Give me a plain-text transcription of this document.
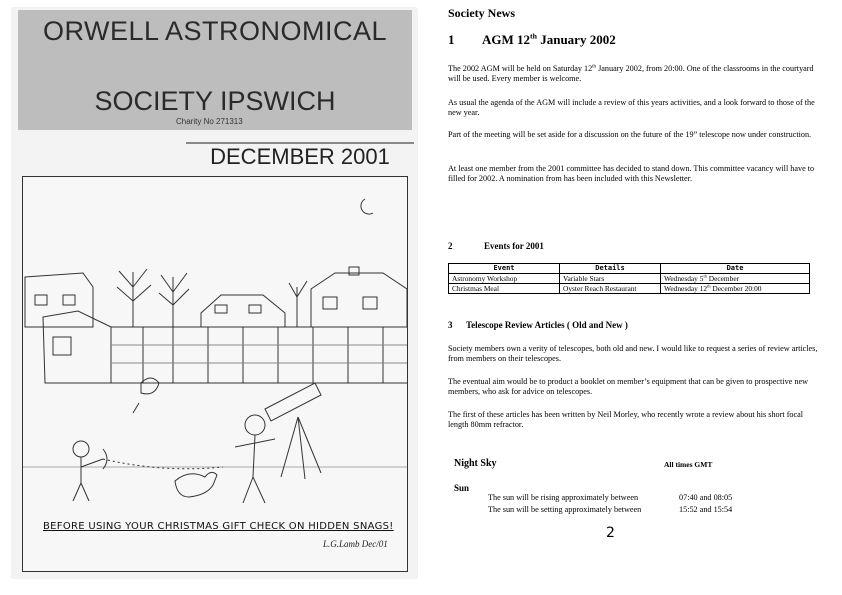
ORWELL ASTRONOMICAL
SOCIETY IPSWICH
Charity No 271313
DECEMBER 2001
BEFORE USING YOUR CHRISTMAS GIFT CHECK ON HIDDEN SNAGS!
L.G.Lamb Dec/01
Society News
1 AGM 12th January 2002

The 2002 AGM will be held on Saturday 12th January 2002, from 20:00. One of the classrooms in the courtyard will be used. Every member is welcome.

As usual the agenda of the AGM will include a review of this years activities, and a look forward to those of the new year.

Part of the meeting will be set aside for a discussion on the future of the 19” telescope now under construction.

At least one member from the 2001 committee has decided to stand down. This committee vacancy will have to filled for 2002. A nomination from has been included with this Newsletter.

2	Events for 2001
Event	Details	Date
Astronomy Workshop	Variable Stars	Wednesday 5th December
Christmas Meal	Oyster Reach Restaurant	Wednesday 12th December 20:00
3 Telescope Review Articles ( Old and New )

Society members own a verity of telescopes, both old and new. I would like to request a series of review articles, from members on their telescopes.

The eventual aim would be to product a booklet on member’s equipment that can be given to prospective new members, who ask for advice on telescopes.

The first of these articles has been written by Neil Morley, who recently wrote a review about his short focal length 80mm refractor.

Night Sky	All times GMT
Sun
The sun will be rising approximately between	07:40 and 08:05
The sun will be setting approximately between	15:52 and 15:54
2
